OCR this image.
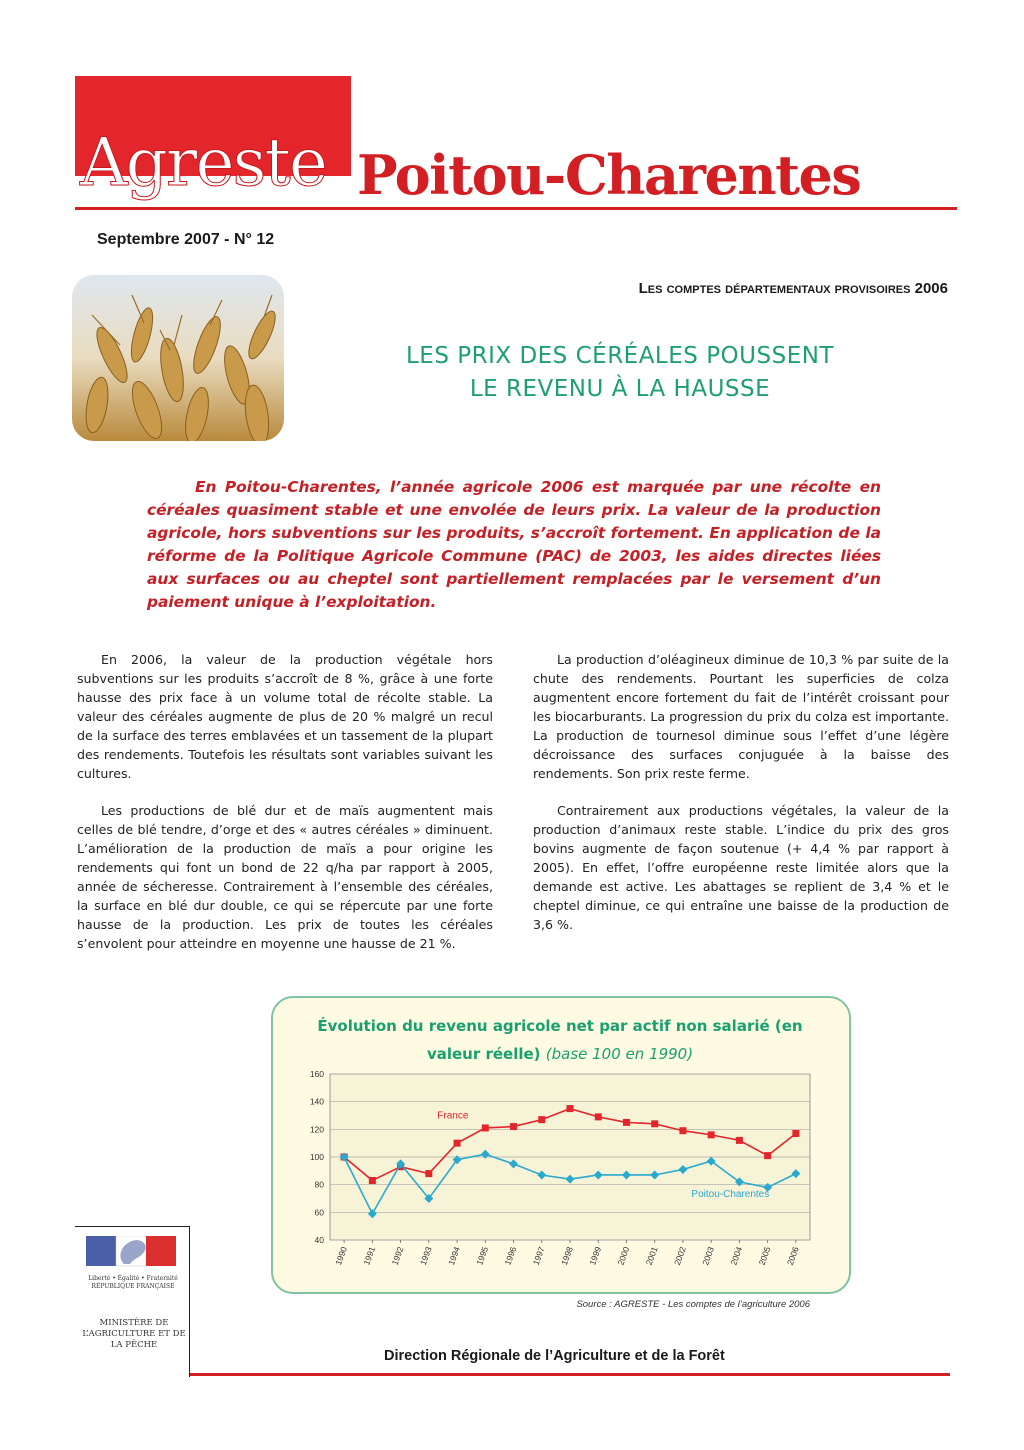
Agreste Poitou-Charentes
Septembre 2007 - N° 12
Les comptes départementaux provisoires 2006
LES PRIX DES CÉRÉALES POUSSENT
LE REVENU À LA HAUSSE
En Poitou-Charentes, l’année agricole 2006 est marquée par une récolte en céréales quasiment stable et une envolée de leurs prix. La valeur de la production agricole, hors subventions sur les produits, s’accroît fortement. En application de la réforme de la Politique Agricole Commune (PAC) de 2003, les aides directes liées aux surfaces ou au cheptel sont partiellement remplacées par le versement d’un paiement unique à l’exploitation.

En 2006, la valeur de la production végétale hors subventions sur les produits s’accroît de 8 %, grâce à une forte hausse des prix face à un volume total de récolte stable. La valeur des céréales augmente de plus de 20 % malgré un recul de la surface des terres emblavées et un tassement de la plupart des rendements. Toutefois les résultats sont variables suivant les cultures.

Les productions de blé dur et de maïs augmentent mais celles de blé tendre, d’orge et des « autres céréales » diminuent. L’amélioration de la production de maïs a pour origine les rendements qui font un bond de 22 q/ha par rapport à 2005, année de sécheresse. Contrairement à l’ensemble des céréales, la surface en blé dur double, ce qui se répercute par une forte hausse de la production. Les prix de toutes les céréales s’envolent pour atteindre en moyenne une hausse de 21 %.

La production d’oléagineux diminue de 10,3 % par suite de la chute des rendements. Pourtant les superficies de colza augmentent encore fortement du fait de l’intérêt croissant pour les biocarburants. La progression du prix du colza est importante. La production de tournesol diminue sous l’effet d’une légère décroissance des surfaces conjuguée à la baisse des rendements. Son prix reste ferme.

Contrairement aux productions végétales, la valeur de la production d’animaux reste stable. L’indice du prix des gros bovins augmente de façon soutenue (+ 4,4 % par rapport à 2005). En effet, l’offre européenne reste limitée alors que la demande est active. Les abattages se replient de 3,4 % et le cheptel diminue, ce qui entraîne une baisse de la production de 3,6 %.

Évolution du revenu agricole net par actif non salarié (en valeur réelle) (base 100 en 1990)
40
60
80
100
120
140
160
1990 1991 1992 1993 1994 1995 1996 1997 1998 1999 2000 2001 2002 2003 2004 2005 2006
France
Poitou-Charentes
Source : AGRESTE - Les comptes de l’agriculture 2006
Liberté • Égalité • Fraternité RÉPUBLIQUE FRANÇAISE
MINISTÈRE DE L’AGRICULTURE ET DE LA PÊCHE
Direction Régionale de l’Agriculture et de la Forêt
